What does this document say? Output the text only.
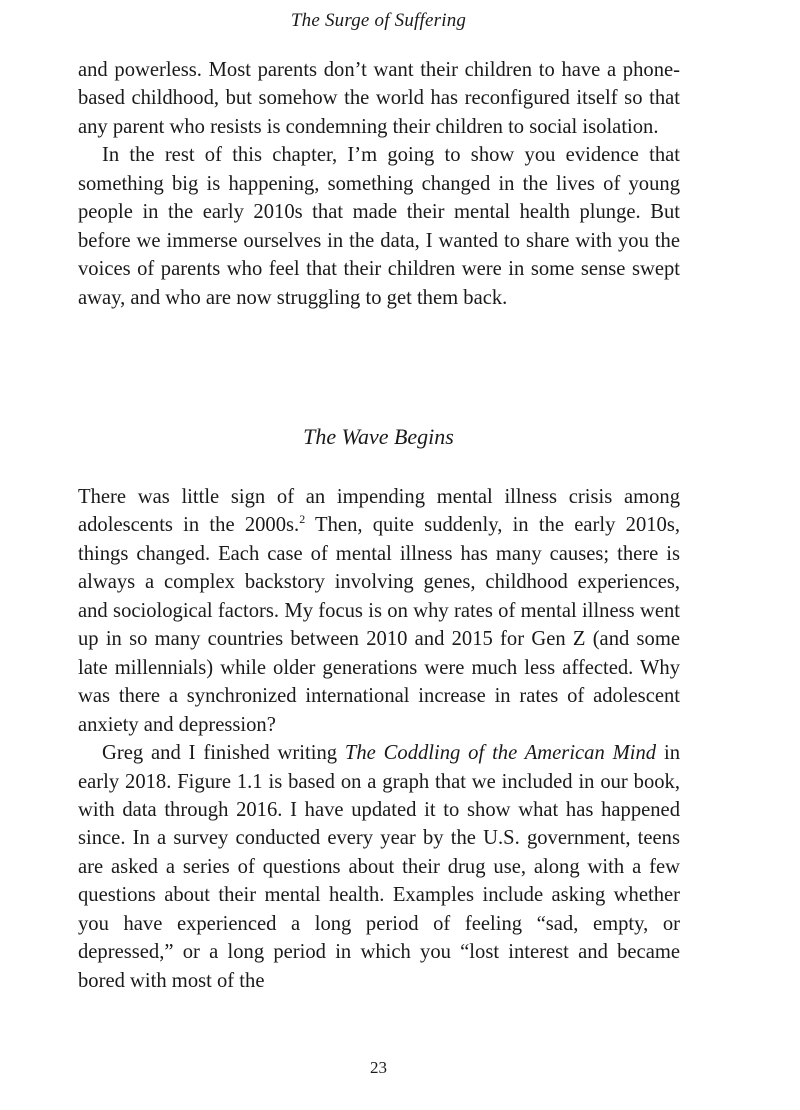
The Surge of Suffering

and powerless. Most parents don’t want their children to have a phone-based childhood, but somehow the world has reconfigured itself so that any parent who resists is condemning their children to social isolation.

In the rest of this chapter, I’m going to show you evidence that something big is happening, something changed in the lives of young people in the early 2010s that made their mental health plunge. But before we immerse ourselves in the data, I wanted to share with you the voices of parents who feel that their children were in some sense swept away, and who are now struggling to get them back.

The Wave Begins

There was little sign of an impending mental illness crisis among adolescents in the 2000s.$^2$ Then, quite suddenly, in the early 2010s, things changed. Each case of mental illness has many causes; there is always a complex backstory involving genes, childhood experiences, and sociological factors. My focus is on why rates of mental illness went up in so many countries between 2010 and 2015 for Gen Z (and some late millennials) while older generations were much less affected. Why was there a synchronized international increase in rates of adolescent anxiety and depression?

Greg and I finished writing The Coddling of the American Mind in early 2018. Figure 1.1 is based on a graph that we included in our book, with data through 2016. I have updated it to show what has happened since. In a survey conducted every year by the U.S. government, teens are asked a series of questions about their drug use, along with a few questions about their mental health. Examples include asking whether you have experienced a long period of feeling “sad, empty, or depressed,” or a long period in which you “lost interest and became bored with most of the

23
